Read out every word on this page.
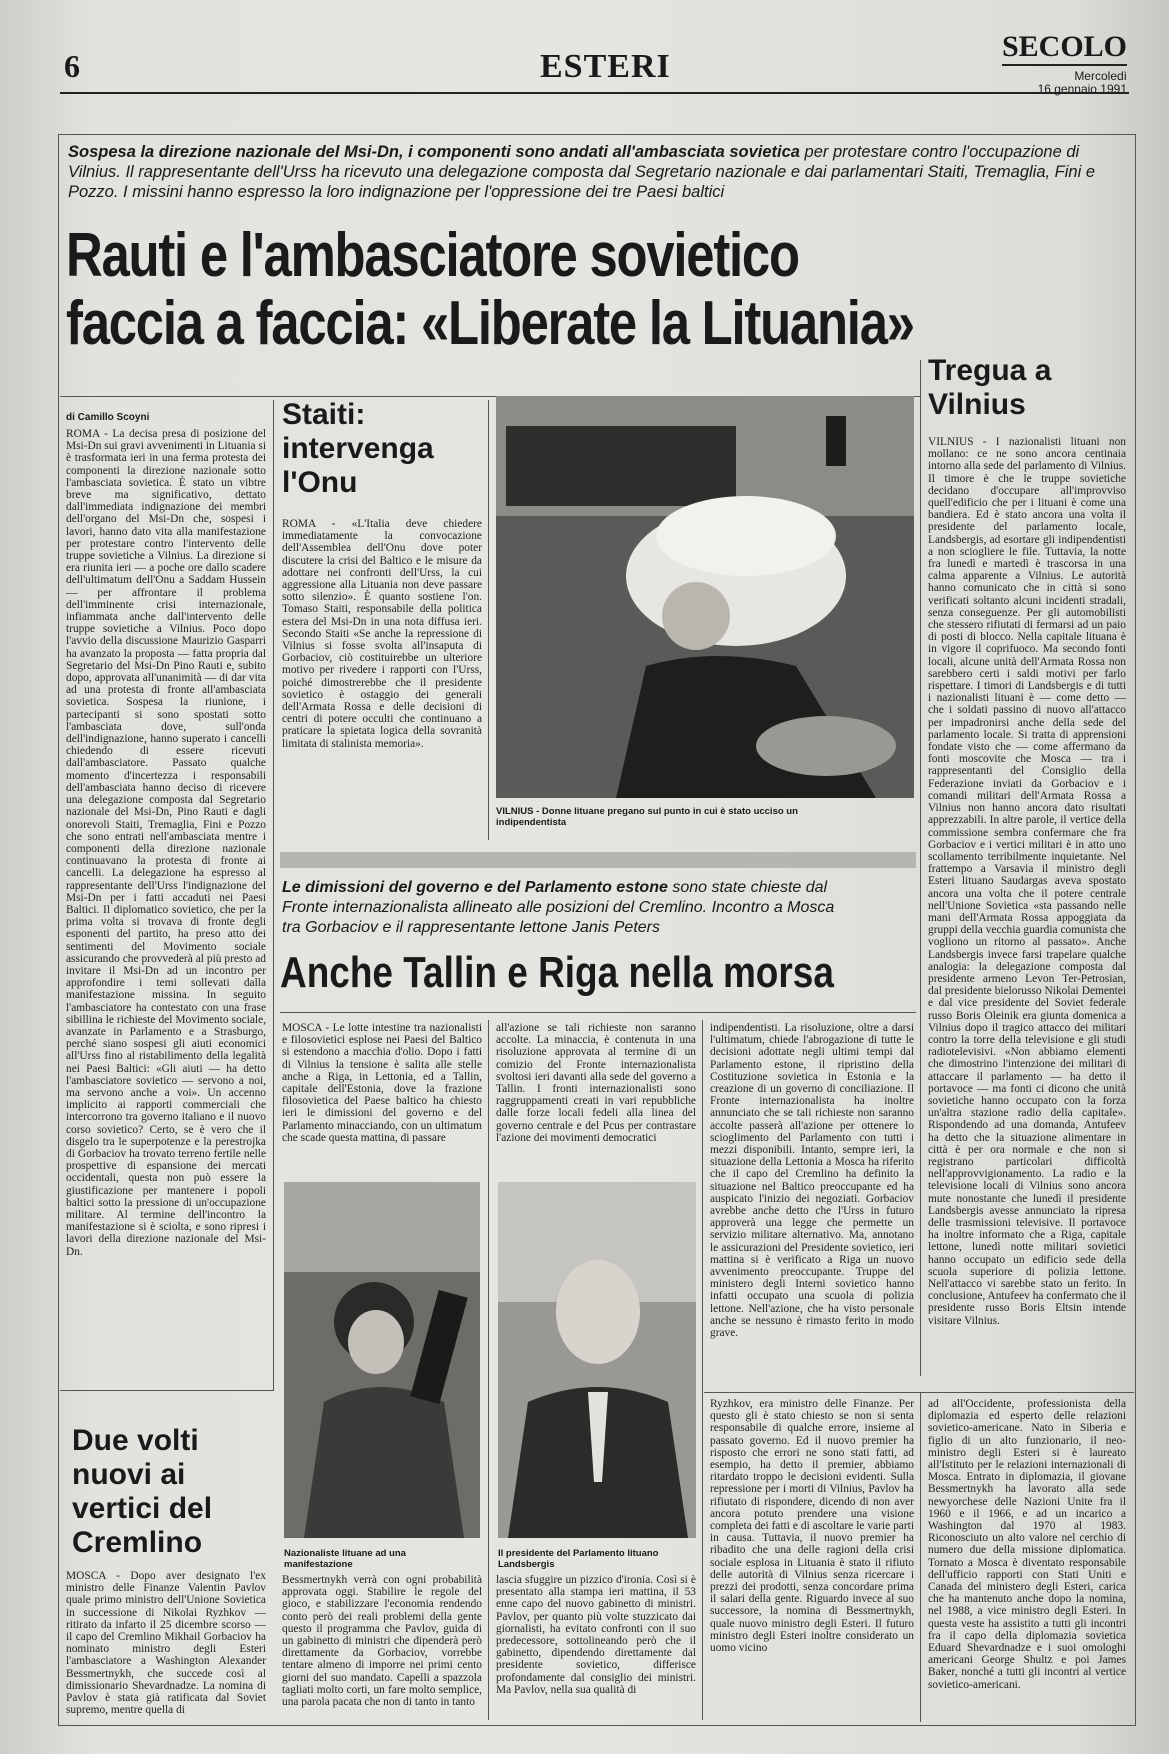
6	ESTERI
SECOLO
Mercoledì
16 gennaio 1991
Sospesa la direzione nazionale del Msi-Dn, i componenti sono andati all'ambasciata sovietica per protestare contro l'occupazione di Vilnius. Il rappresentante dell'Urss ha ricevuto una delegazione composta dal Segretario nazionale e dai parlamentari Staiti, Tremaglia, Fini e Pozzo. I missini hanno espresso la loro indignazione per l'oppressione dei tre Paesi baltici
Rauti e l'ambasciatore sovietico
faccia a faccia: «Liberate la Lituania»
di Camillo Scoyni
ROMA - La decisa presa di posizione del Msi-Dn sui gravi avvenimenti in Lituania si è trasformata ieri in una ferma protesta dei componenti la direzione nazionale sotto l'ambasciata sovietica. È stato un vibtre breve ma significativo, dettato dall'immediata indignazione dei membri dell'organo del Msi-Dn che, sospesi i lavori, hanno dato vita alla manifestazione per protestare contro l'intervento delle truppe sovietiche a Vilnius. La direzione si era riunita ieri — a poche ore dallo scadere dell'ultimatum dell'Onu a Saddam Hussein — per affrontare il problema dell'imminente crisi internazionale, infiammata anche dall'intervento delle truppe sovietiche a Vilnius. Poco dopo l'avvio della discussione Maurizio Gasparri ha avanzato la proposta — fatta propria dal Segretario del Msi-Dn Pino Rauti e, subito dopo, approvata all'unanimità — di dar vita ad una protesta di fronte all'ambasciata sovietica. Sospesa la riunione, i partecipanti si sono spostati sotto l'ambasciata dove, sull'onda dell'indignazione, hanno superato i cancelli chiedendo di essere ricevuti dall'ambasciatore. Passato qualche momento d'incertezza i responsabili dell'ambasciata hanno deciso di ricevere una delegazione composta dal Segretario nazionale del Msi-Dn, Pino Rauti e dagli onorevoli Staiti, Tremaglia, Fini e Pozzo che sono entrati nell'ambasciata mentre i componenti della direzione nazionale continuavano la protesta di fronte ai cancelli. La delegazione ha espresso al rappresentante dell'Urss l'indignazione del Msi-Dn per i fatti accaduti nei Paesi Baltici. Il diplomatico sovietico, che per la prima volta si trovava di fronte degli esponenti del partito, ha preso atto dei sentimenti del Movimento sociale assicurando che provvederà al più presto ad invitare il Msi-Dn ad un incontro per approfondire i temi sollevati dalla manifestazione missina. In seguito l'ambasciatore ha contestato con una frase sibillina le richieste del Movimento sociale, avanzate in Parlamento e a Strasburgo, perché siano sospesi gli aiuti economici all'Urss fino al ristabilimento della legalità nei Paesi Baltici: «Gli aiuti — ha detto l'ambasciatore sovietico — servono a noi, ma servono anche a voi». Un accenno implicito ai rapporti commerciali che intercorrono tra governo italiano e il nuovo corso sovietico? Certo, se è vero che il disgelo tra le superpotenze e la perestrojka di Gorbaciov ha trovato terreno fertile nelle prospettive di espansione dei mercati occidentali, questa non può essere la giustificazione per mantenere i popoli baltici sotto la pressione di un'occupazione militare. Al termine dell'incontro la manifestazione si è sciolta, e sono ripresi i lavori della direzione nazionale del Msi-Dn.
Staiti: intervenga l'Onu
ROMA - «L'Italia deve chiedere immediatamente la convocazione dell'Assemblea dell'Onu dove poter discutere la crisi del Baltico e le misure da adottare nei confronti dell'Urss, la cui aggressione alla Lituania non deve passare sotto silenzio». È quanto sostiene l'on. Tomaso Staiti, responsabile della politica estera del Msi-Dn in una nota diffusa ieri. Secondo Staiti «Se anche la repressione di Vilnius si fosse svolta all'insaputa di Gorbaciov, ciò costituirebbe un ulteriore motivo per rivedere i rapporti con l'Urss, poiché dimostrerebbe che il presidente sovietico è ostaggio dei generali dell'Armata Rossa e delle decisioni di centri di potere occulti che continuano a praticare la spietata logica della sovranità limitata di stalinista memoria».
VILNIUS - Donne lituane pregano sul punto in cui è stato ucciso un indipendentista
Tregua a Vilnius
VILNIUS - I nazionalisti lituani non mollano: ce ne sono ancora centinaia intorno alla sede del parlamento di Vilnius. Il timore è che le truppe sovietiche decidano d'occupare all'improvviso quell'edificio che per i lituani è come una bandiera. Ed è stato ancora una volta il presidente del parlamento locale, Landsbergis, ad esortare gli indipendentisti a non sciogliere le file. Tuttavia, la notte fra lunedì e martedì è trascorsa in una calma apparente a Vilnius. Le autorità hanno comunicato che in città si sono verificati soltanto alcuni incidenti stradali, senza conseguenze. Per gli automobilisti che stessero rifiutati di fermarsi ad un paio di posti di blocco. Nella capitale lituana è in vigore il coprifuoco. Ma secondo fonti locali, alcune unità dell'Armata Rossa non sarebbero certi i saldi motivi per farlo rispettare. I timori di Landsbergis e di tutti i nazionalisti lituani è — come detto — che i soldati passino di nuovo all'attacco per impadronirsi anche della sede del parlamento locale. Si tratta di apprensioni fondate visto che — come affermano da fonti moscovite che Mosca — tra i rappresentanti del Consiglio della Federazione inviati da Gorbaciov e i comandi militari dell'Armata Rossa a Vilnius non hanno ancora dato risultati apprezzabili. In altre parole, il vertice della commissione sembra confermare che fra Gorbaciov e i vertici militari è in atto uno scollamento terribilmente inquietante. Nel frattempo a Varsavia il ministro degli Esteri lituano Saudargas aveva spostato ancora una volta che il potere centrale nell'Unione Sovietica «sta passando nelle mani dell'Armata Rossa appoggiata da gruppi della vecchia guardia comunista che vogliono un ritorno al passato». Anche Landsbergis invece farsi trapelare qualche analogia: la delegazione composta dal presidente armeno Levon Ter-Petrosian, dal presidente bielorusso Nikolai Dementei e dal vice presidente del Soviet federale russo Boris Oleinik era giunta domenica a Vilnius dopo il tragico attacco dei militari contro la torre della televisione e gli studi radiotelevisivi. «Non abbiamo elementi che dimostrino l'intenzione dei militari di attaccare il parlamento — ha detto il portavoce — ma fonti ci dicono che unità sovietiche hanno occupato con la forza un'altra stazione radio della capitale». Rispondendo ad una domanda, Antufeev ha detto che la situazione alimentare in città è per ora normale e che non si registrano particolari difficoltà nell'approvvigionamento. La radio e la televisione locali di Vilnius sono ancora mute nonostante che lunedì il presidente Landsbergis avesse annunciato la ripresa delle trasmissioni televisive. Il portavoce ha inoltre informato che a Riga, capitale lettone, lunedì notte militari sovietici hanno occupato un edificio sede della scuola superiore di polizia lettone. Nell'attacco vi sarebbe stato un ferito. In conclusione, Antufeev ha confermato che il presidente russo Boris Eltsin intende visitare Vilnius.
Le dimissioni del governo e del Parlamento estone sono state chieste dal Fronte internazionalista allineato alle posizioni del Cremlino. Incontro a Mosca tra Gorbaciov e il rappresentante lettone Janis Peters
Anche Tallin e Riga nella morsa
MOSCA - Le lotte intestine tra nazionalisti e filosovietici esplose nei Paesi del Baltico si estendono a macchia d'olio. Dopo i fatti di Vilnius la tensione è salita alle stelle anche a Riga, in Lettonia, ed a Tallin, capitale dell'Estonia, dove la frazione filosovietica del Paese baltico ha chiesto ieri le dimissioni del governo e del Parlamento minacciando, con un ultimatum che scade questa mattina, di passare
all'azione se tali richieste non saranno accolte. La minaccia, è contenuta in una risoluzione approvata al termine di un comizio del Fronte internazionalista svoltosi ieri davanti alla sede del governo a Tallin. I fronti internazionalisti sono raggruppamenti creati in vari repubbliche dalle forze locali fedeli alla linea del governo centrale e del Pcus per contrastare l'azione dei movimenti democratici
indipendentisti. La risoluzione, oltre a darsi l'ultimatum, chiede l'abrogazione di tutte le decisioni adottate negli ultimi tempi dal Parlamento estone, il ripristino della Costituzione sovietica in Estonia e la creazione di un governo di conciliazione. Il Fronte internazionalista ha inoltre annunciato che se tali richieste non saranno accolte passerà all'azione per ottenere lo scioglimento del Parlamento con tutti i mezzi disponibili. Intanto, sempre ieri, la situazione della Lettonia a Mosca ha riferito che il capo del Cremlino ha definito la situazione nel Baltico preoccupante ed ha auspicato l'inizio dei negoziati. Gorbaciov avrebbe anche detto che l'Urss in futuro approverà una legge che permette un servizio militare alternativo. Ma, annotano le assicurazioni del Presidente sovietico, ieri mattina si è verificato a Riga un nuovo avvenimento preoccupante. Truppe del ministero degli Interni sovietico hanno infatti occupato una scuola di polizia lettone. Nell'azione, che ha visto personale anche se nessuno è rimasto ferito in modo grave.
Nazionaliste lituane ad una manifestazione
Il presidente del Parlamento lituano Landsbergis
Due volti nuovi ai vertici del Cremlino
MOSCA - Dopo aver designato l'ex ministro delle Finanze Valentin Pavlov quale primo ministro dell'Unione Sovietica in successione di Nikolai Ryzhkov — ritirato da infarto il 25 dicembre scorso — il capo del Cremlino Mikhail Gorbaciov ha nominato ministro degli Esteri l'ambasciatore a Washington Alexander Bessmertnykh, che succede così al dimissionario Shevardnadze. La nomina di Pavlov è stata già ratificata dal Soviet supremo, mentre quella di
Bessmertnykh verrà con ogni probabilità approvata oggi. Stabilire le regole del gioco, e stabilizzare l'economia rendendo conto però dei reali problemi della gente questo il programma che Pavlov, guida di un gabinetto di ministri che dipenderà però direttamente da Gorbaciov, vorrebbe tentare almeno di imporre nei primi cento giorni del suo mandato. Capelli a spazzola tagliati molto corti, un fare molto semplice, una parola pacata che non di tanto in tanto
lascia sfuggire un pizzico d'ironia. Così si è presentato alla stampa ieri mattina, il 53 enne capo del nuovo gabinetto di ministri. Pavlov, per quanto più volte stuzzicato dai giornalisti, ha evitato confronti con il suo predecessore, sottolineando però che il gabinetto, dipendendo direttamente dal presidente sovietico, differisce profondamente dal consiglio dei ministri. Ma Pavlov, nella sua qualità di
Ryzhkov, era ministro delle Finanze. Per questo gli è stato chiesto se non si senta responsabile di qualche errore, insieme al passato governo. Ed il nuovo premier ha risposto che errori ne sono stati fatti, ad esempio, ha detto il premier, abbiamo ritardato troppo le decisioni evidenti. Sulla repressione per i morti di Vilnius, Pavlov ha rifiutato di rispondere, dicendo di non aver ancora potuto prendere una visione completa dei fatti e di ascoltare le varie parti in causa. Tuttavia, il nuovo premier ha ribadito che una delle ragioni della crisi sociale esplosa in Lituania è stato il rifiuto delle autorità di Vilnius senza ricercare i prezzi dei prodotti, senza concordare prima il salari della gente. Riguardo invece al suo successore, la nomina di Bessmertnykh, quale nuovo ministro degli Esteri. Il futuro ministro degli Esteri inoltre considerato un uomo vicino
ad all'Occidente, professionista della diplomazia ed esperto delle relazioni sovietico-americane. Nato in Siberia e figlio di un alto funzionario, il neo-ministro degli Esteri si è laureato all'Istituto per le relazioni internazionali di Mosca. Entrato in diplomazia, il giovane Bessmertnykh ha lavorato alla sede newyorchese delle Nazioni Unite fra il 1960 e il 1966, e ad un incarico a Washington dal 1970 al 1983. Riconosciuto un alto valore nel cerchio di numero due della missione diplomatica. Tornato a Mosca è diventato responsabile dell'ufficio rapporti con Stati Uniti e Canada del ministero degli Esteri, carica che ha mantenuto anche dopo la nomina, nel 1988, a vice ministro degli Esteri. In questa veste ha assistito a tutti gli incontri fra il capo della diplomazia sovietica Eduard Shevardnadze e i suoi omologhi americani George Shultz e poi James Baker, nonché a tutti gli incontri al vertice sovietico-americani.
